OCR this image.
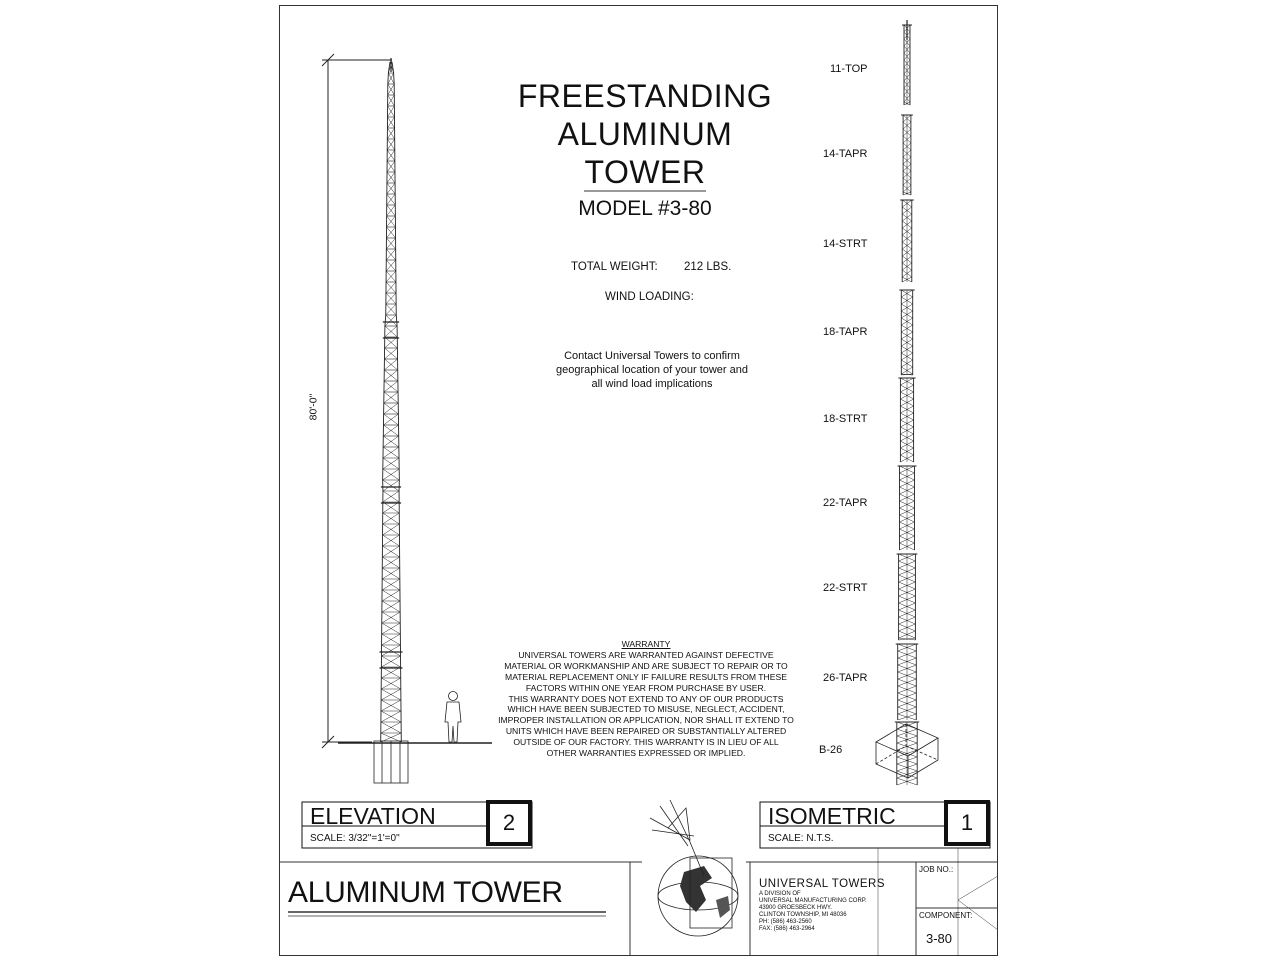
FREESTANDING
ALUMINUM
TOWER
MODEL #3-80
TOTAL WEIGHT: 212 LBS.
WIND LOADING:
Contact Universal Towers to confirm
geographical location of your tower and
all wind load implications
80'-0"
11-TOP
14-TAPR
14-STRT
18-TAPR
18-STRT
22-TAPR
22-STRT
26-TAPR
B-26
WARRANTY
UNIVERSAL TOWERS ARE WARRANTED AGAINST DEFECTIVE
MATERIAL OR WORKMANSHIP AND ARE SUBJECT TO REPAIR OR TO
MATERIAL REPLACEMENT ONLY IF FAILURE RESULTS FROM THESE
FACTORS WITHIN ONE YEAR FROM PURCHASE BY USER.
THIS WARRANTY DOES NOT EXTEND TO ANY OF OUR PRODUCTS
WHICH HAVE BEEN SUBJECTED TO MISUSE, NEGLECT, ACCIDENT,
IMPROPER INSTALLATION OR APPLICATION, NOR SHALL IT EXTEND TO
UNITS WHICH HAVE BEEN REPAIRED OR SUBSTANTIALLY ALTERED
OUTSIDE OF OUR FACTORY. THIS WARRANTY IS IN LIEU OF ALL
OTHER WARRANTIES EXPRESSED OR IMPLIED.
ELEVATION
SCALE: 3/32"=1'=0"
2	ISOMETRIC
SCALE: N.T.S.
1
ALUMINUM TOWER	UNIVERSAL TOWERS
A DIVISION OF
UNIVERSAL MANUFACTURING CORP.
43900 GROESBECK HWY.
CLINTON TOWNSHIP, MI 48036
PH: (586) 463-2560
FAX: (586) 463-2964
JOB NO.:
COMPONENT:
3-80
